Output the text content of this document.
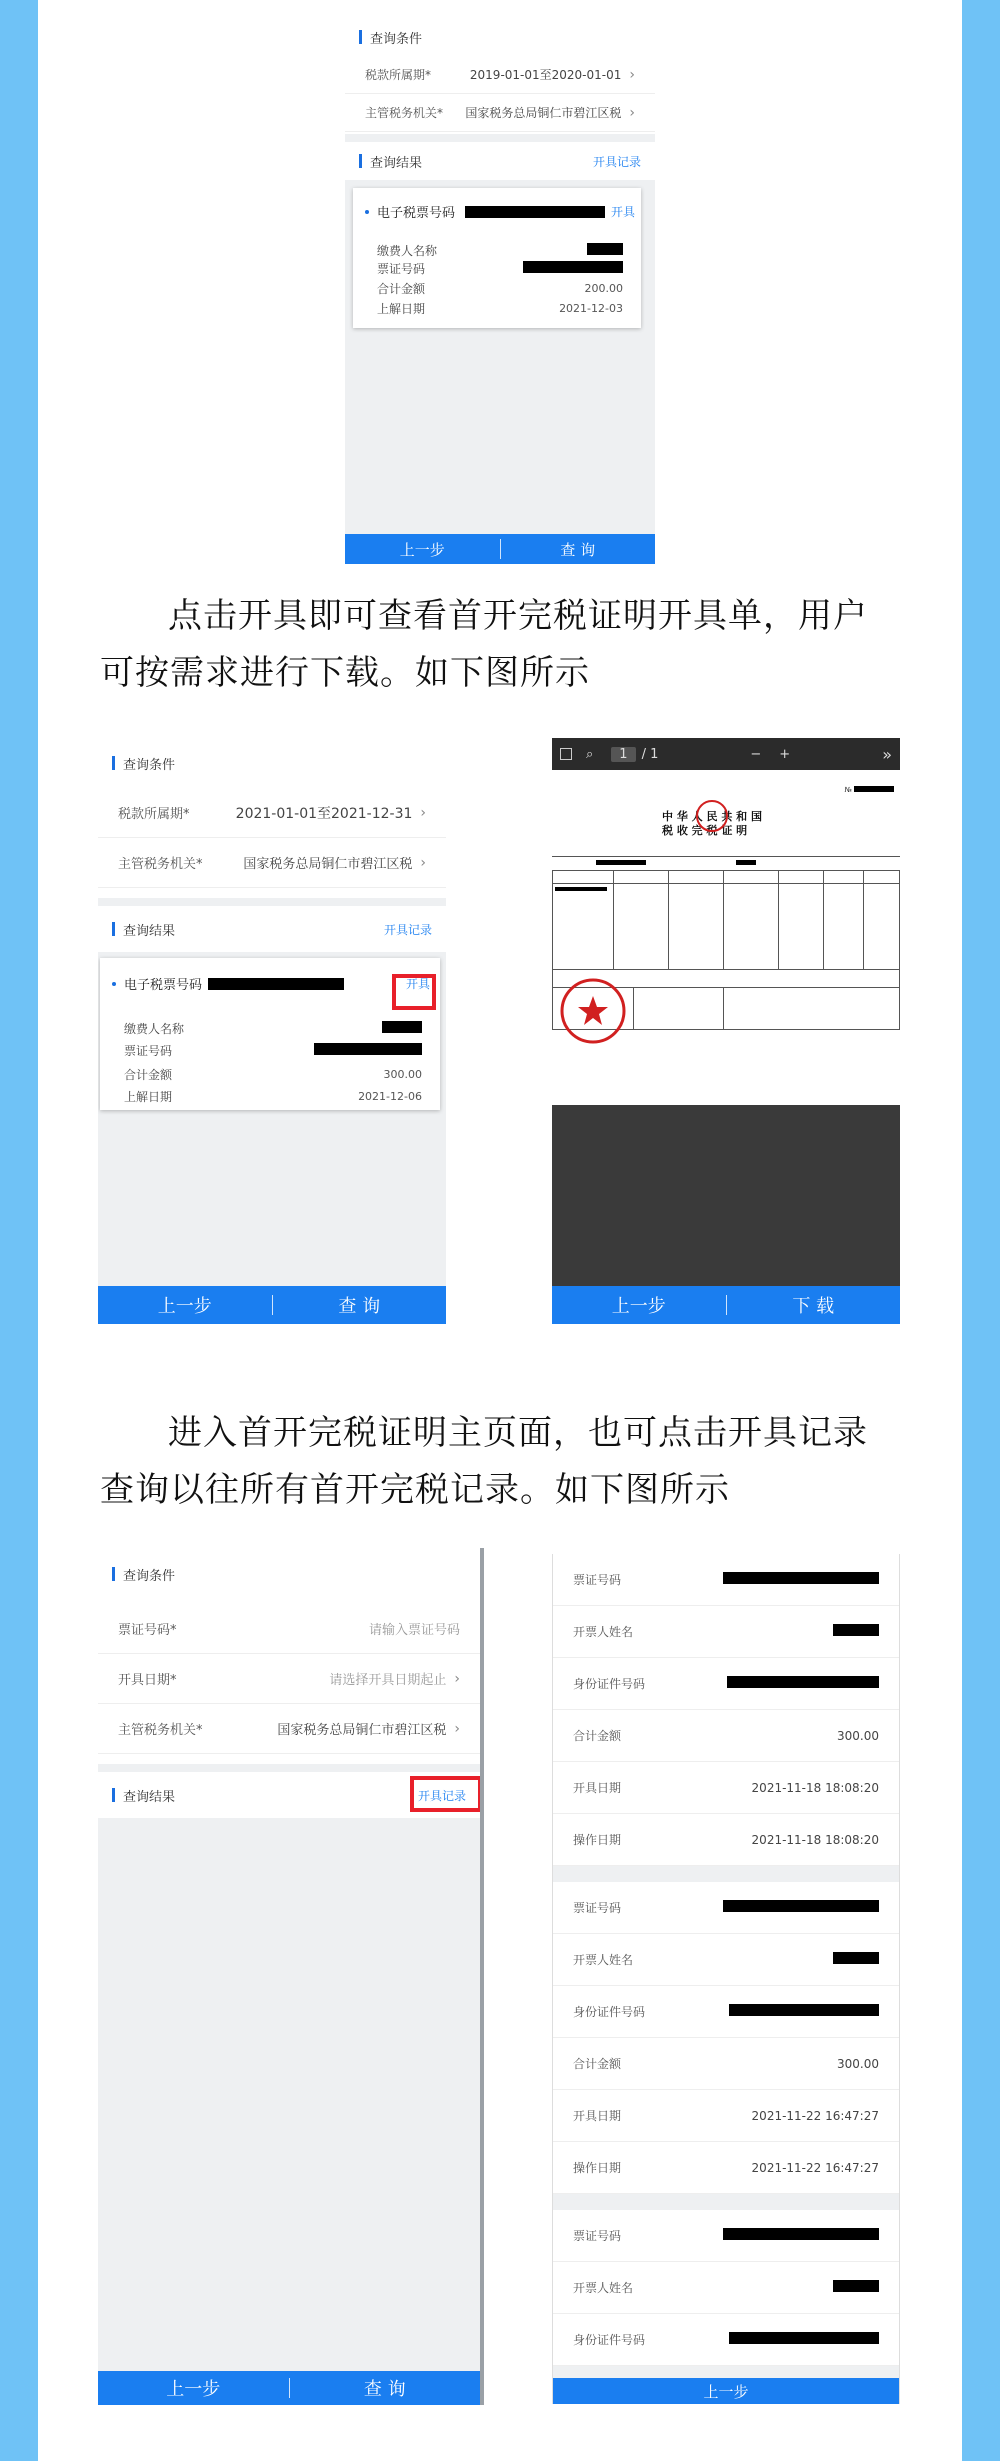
查询条件
税款所属期*	2019-01-01至2020-01-01 ›
主管税务机关* 国家税务总局铜仁市碧江区税 ›
查询结果	开具记录
电子税票号码	开具
缴费人名称
票证号码
合计金额	200.00
上解日期	2021-12-03
上一步	查 询
点击开具即可查看首开完税证明开具单，用户可按需求进行下载。如下图所示
查询条件
税款所属期*	2021-01-01至2021-12-31 ›
主管税务机关*	国家税务总局铜仁市碧江区税 ›
查询结果	开具记录
电子税票号码	开具
缴费人名称
票证号码
合计金额	300.00
上解日期	2021-12-06
上一步	查 询
⌕	1	/ 1	− +	»
№
中 华 人 民 共 和 国
税 收 完 税 证 明
上一步	下 载
进入首开完税证明主页面，也可点击开具记录查询以往所有首开完税记录。如下图所示
查询条件
票证号码*	请输入票证号码
开具日期*	请选择开具日期起止 ›
主管税务机关*	国家税务总局铜仁市碧江区税 ›
查询结果	开具记录
上一步	查 询
票证号码
开票人姓名
身份证件号码
合计金额	300.00
开具日期	2021-11-18 18:08:20
操作日期	2021-11-18 18:08:20
票证号码
开票人姓名
身份证件号码
合计金额	300.00
开具日期	2021-11-22 16:47:27
操作日期	2021-11-22 16:47:27
票证号码
开票人姓名
身份证件号码
上一步
